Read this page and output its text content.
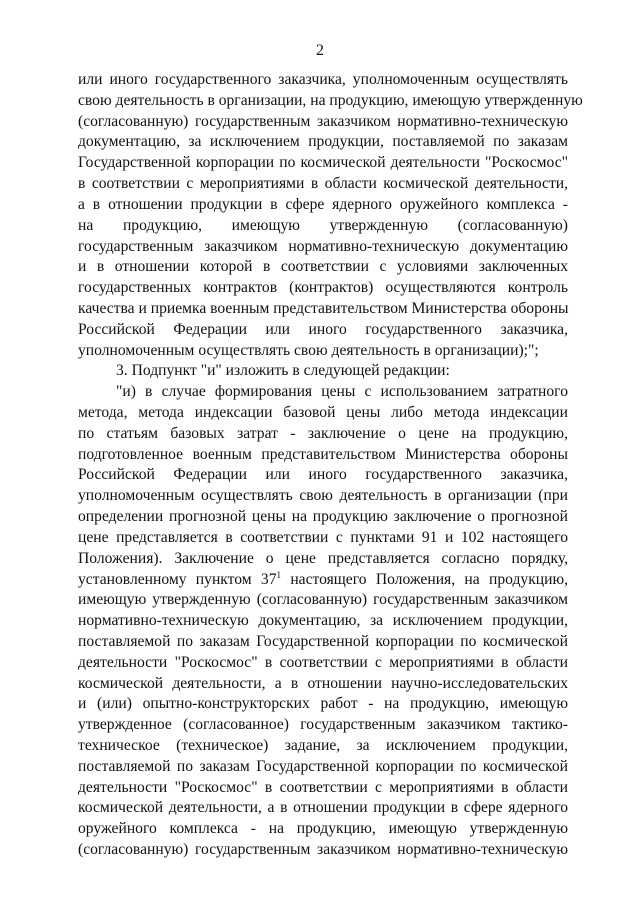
2
или иного государственного заказчика, уполномоченным осуществлять
свою деятельность в организации, на продукцию, имеющую утвержденную
(согласованную) государственным заказчиком нормативно-техническую
документацию, за исключением продукции, поставляемой по заказам
Государственной корпорации по космической деятельности "Роскосмос"
в соответствии с мероприятиями в области космической деятельности,
а в отношении продукции в сфере ядерного оружейного комплекса -
на продукцию, имеющую утвержденную (согласованную)
государственным заказчиком нормативно-техническую документацию
и в отношении которой в соответствии с условиями заключенных
государственных контрактов (контрактов) осуществляются контроль
качества и приемка военным представительством Министерства обороны
Российской Федерации или иного государственного заказчика,
уполномоченным осуществлять свою деятельность в организации);";
3. Подпункт "и" изложить в следующей редакции:
"и) в случае формирования цены с использованием затратного
метода, метода индексации базовой цены либо метода индексации
по статьям базовых затрат - заключение о цене на продукцию,
подготовленное военным представительством Министерства обороны
Российской Федерации или иного государственного заказчика,
уполномоченным осуществлять свою деятельность в организации (при
определении прогнозной цены на продукцию заключение о прогнозной
цене представляется в соответствии с пунктами 91 и 102 настоящего
Положения). Заключение о цене представляется согласно порядку,
установленному пунктом $37^1$ настоящего Положения, на продукцию,
имеющую утвержденную (согласованную) государственным заказчиком
нормативно-техническую документацию, за исключением продукции,
поставляемой по заказам Государственной корпорации по космической
деятельности "Роскосмос" в соответствии с мероприятиями в области
космической деятельности, а в отношении научно-исследовательских
и (или) опытно-конструкторских работ - на продукцию, имеющую
утвержденное (согласованное) государственным заказчиком тактико-
техническое (техническое) задание, за исключением продукции,
поставляемой по заказам Государственной корпорации по космической
деятельности "Роскосмос" в соответствии с мероприятиями в области
космической деятельности, а в отношении продукции в сфере ядерного
оружейного комплекса - на продукцию, имеющую утвержденную
(согласованную) государственным заказчиком нормативно-техническую
